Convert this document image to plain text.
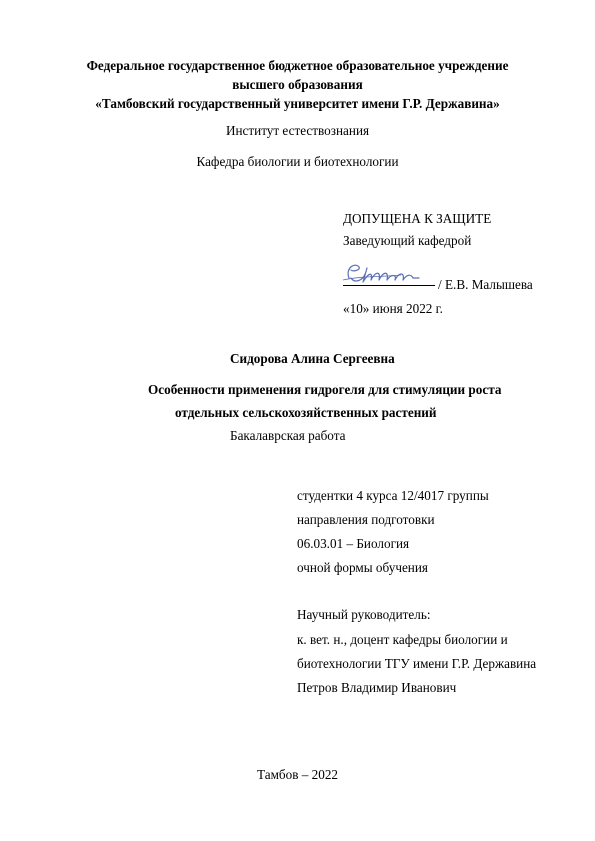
Федеральное государственное бюджетное образовательное учреждение
высшего образования
«Тамбовский государственный университет имени Г.Р. Державина»
Институт естествознания
Кафедра биологии и биотехнологии
ДОПУЩЕНА К ЗАЩИТЕ
Заведующий кафедрой
/ Е.В. Малышева
«10» июня 2022 г.
Сидорова Алина Сергеевна
Особенности применения гидрогеля для стимуляции роста
отдельных сельскохозяйственных растений
Бакалаврская работа
студентки 4 курса 12/4017 группы
направления подготовки
06.03.01 – Биология
очной формы обучения
Научный руководитель:
к. вет. н., доцент кафедры биологии и
биотехнологии ТГУ имени Г.Р. Державина
Петров Владимир Иванович
Тамбов – 2022
